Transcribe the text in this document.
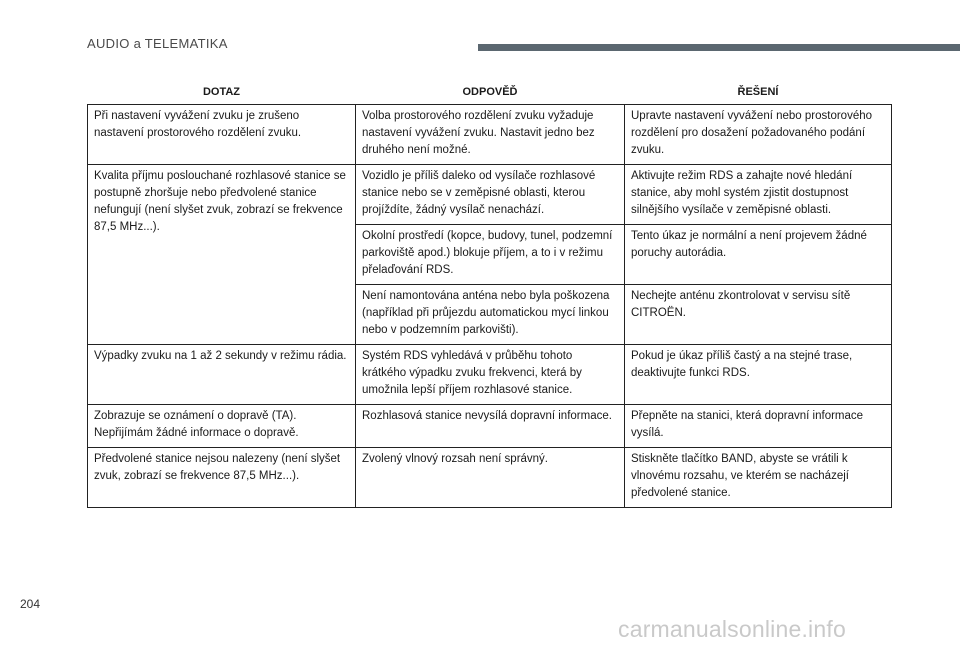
AUDIO a TELEMATIKA
DOTAZ	ODPOVĚĎ	ŘEŠENÍ
Při nastavení vyvážení zvuku je zrušeno nastavení prostorového rozdělení zvuku.	Volba prostorového rozdělení zvuku vyžaduje nastavení vyvážení zvuku. Nastavit jedno bez druhého není možné.	Upravte nastavení vyvážení nebo prostorového rozdělení pro dosažení požadovaného podání zvuku.
Kvalita příjmu poslouchané rozhlasové stanice se postupně zhoršuje nebo předvolené stanice nefungují (není slyšet zvuk, zobrazí se frekvence 87,5 MHz...).	Vozidlo je příliš daleko od vysílače rozhlasové stanice nebo se v zeměpisné oblasti, kterou projíždíte, žádný vysílač nenachází.	Aktivujte režim RDS a zahajte nové hledání stanice, aby mohl systém zjistit dostupnost silnějšího vysílače v zeměpisné oblasti.
	Okolní prostředí (kopce, budovy, tunel, podzemní parkoviště apod.) blokuje příjem, a to i v režimu přelaďování RDS.	Tento úkaz je normální a není projevem žádné poruchy autorádia.
	Není namontována anténa nebo byla poškozena (například při průjezdu automatickou mycí linkou nebo v podzemním parkovišti).	Nechejte anténu zkontrolovat v servisu sítě CITROËN.
Výpadky zvuku na 1 až 2 sekundy v režimu rádia.	Systém RDS vyhledává v průběhu tohoto krátkého výpadku zvuku frekvenci, která by umožnila lepší příjem rozhlasové stanice.	Pokud je úkaz příliš častý a na stejné trase, deaktivujte funkci RDS.
Zobrazuje se oznámení o dopravě (TA). Nepřijímám žádné informace o dopravě.	Rozhlasová stanice nevysílá dopravní informace.	Přepněte na stanici, která dopravní informace vysílá.
Předvolené stanice nejsou nalezeny (není slyšet zvuk, zobrazí se frekvence 87,5 MHz...).	Zvolený vlnový rozsah není správný.	Stiskněte tlačítko BAND, abyste se vrátili k vlnovému rozsahu, ve kterém se nacházejí předvolené stanice.
204
carmanualsonline.info
